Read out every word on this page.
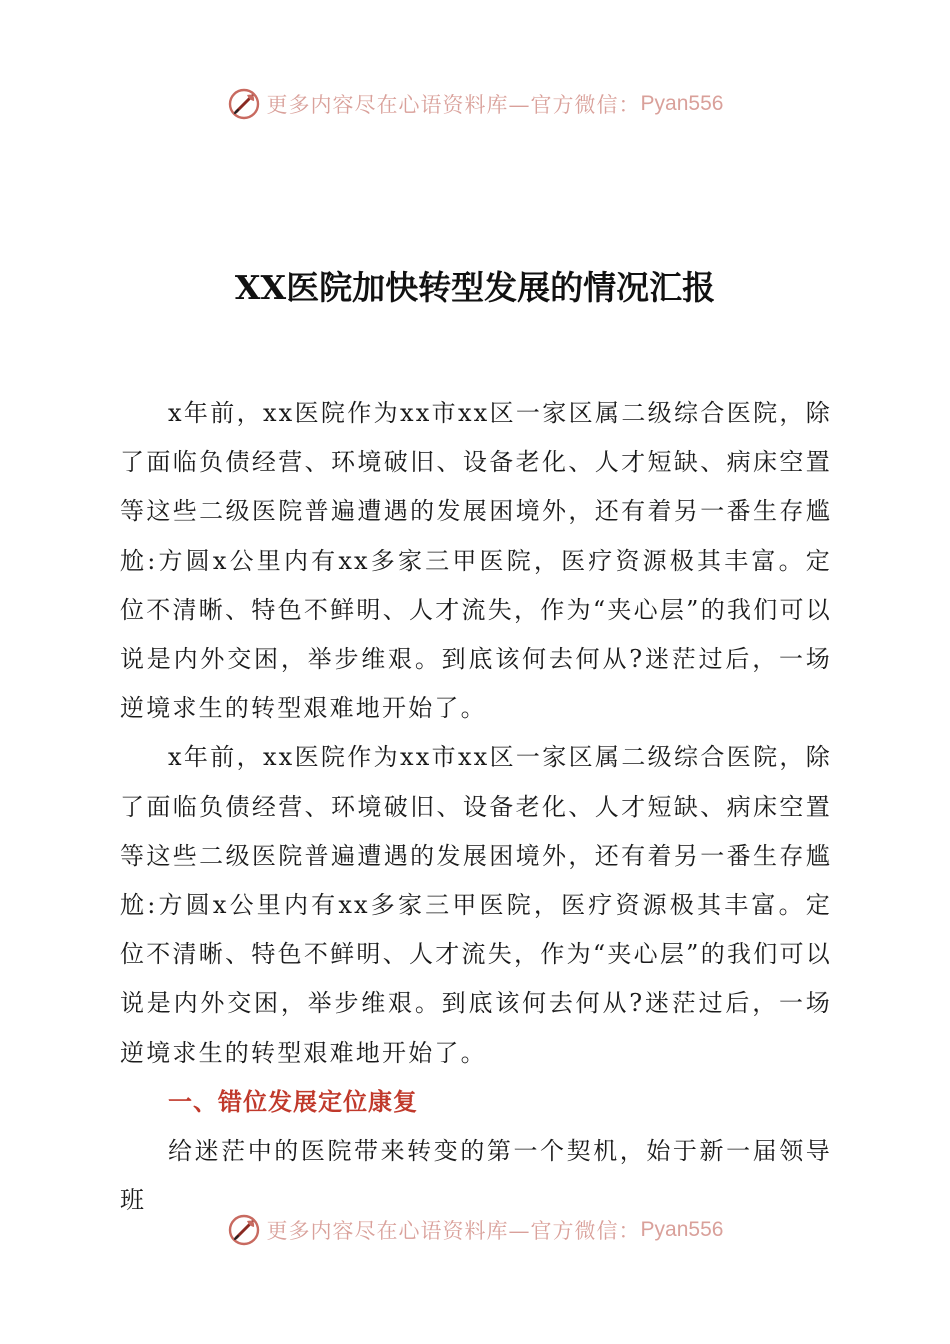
更多内容尽在心语资料库—官方微信： Pyan556
XX医院加快转型发展的情况汇报

x年前，xx医院作为xx市xx区一家区属二级综合医院，除了面临负债经营、环境破旧、设备老化、人才短缺、病床空置等这些二级医院普遍遭遇的发展困境外，还有着另一番生存尴尬:方圆x公里内有xx多家三甲医院，医疗资源极其丰富。定位不清晰、特色不鲜明、人才流失，作为“夹心层”的我们可以说是内外交困，举步维艰。到底该何去何从?迷茫过后，一场逆境求生的转型艰难地开始了。

x年前，xx医院作为xx市xx区一家区属二级综合医院，除了面临负债经营、环境破旧、设备老化、人才短缺、病床空置等这些二级医院普遍遭遇的发展困境外，还有着另一番生存尴尬:方圆x公里内有xx多家三甲医院，医疗资源极其丰富。定位不清晰、特色不鲜明、人才流失，作为“夹心层”的我们可以说是内外交困，举步维艰。到底该何去何从?迷茫过后，一场逆境求生的转型艰难地开始了。

一、错位发展定位康复

给迷茫中的医院带来转变的第一个契机，始于新一届领导班

更多内容尽在心语资料库—官方微信： Pyan556
